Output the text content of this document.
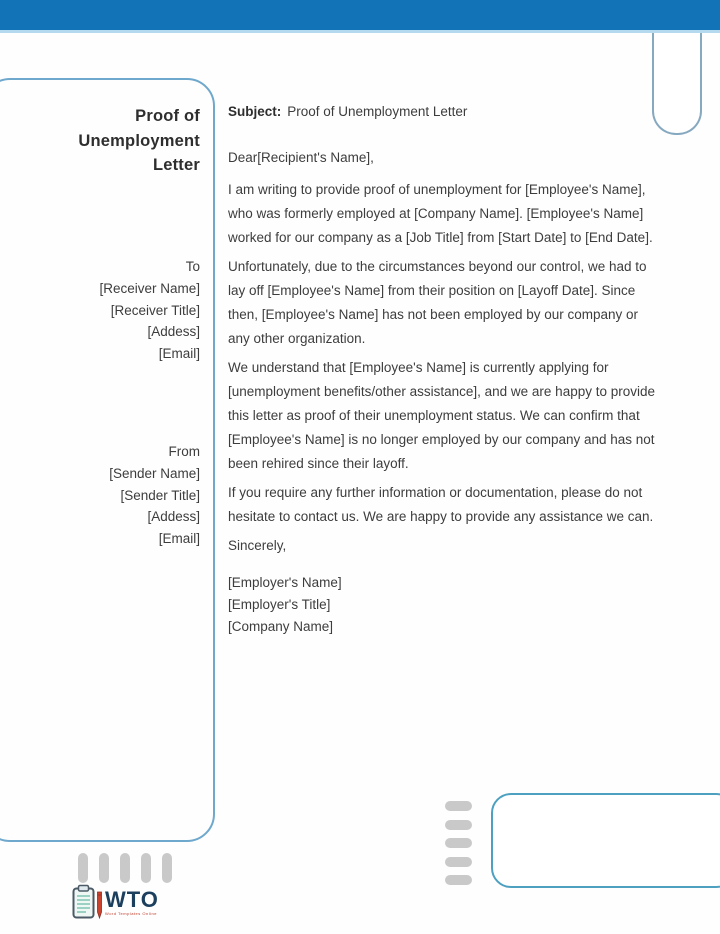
Proof of Unemployment Letter
To
[Receiver Name]
[Receiver Title]
[Addess]
[Email]
From
[Sender Name]
[Sender Title]
[Addess]
[Email]
Subject: Proof of Unemployment Letter
Dear[Recipient's Name],

I am writing to provide proof of unemployment for [Employee's Name], who was formerly employed at [Company Name]. [Employee's Name] worked for our company as a [Job Title] from [Start Date] to [End Date].

Unfortunately, due to the circumstances beyond our control, we had to lay off [Employee's Name] from their position on [Layoff Date]. Since then, [Employee's Name] has not been employed by our company or any other organization.

We understand that [Employee's Name] is currently applying for [unemployment benefits/other assistance], and we are happy to provide this letter as proof of their unemployment status. We can confirm that [Employee's Name] is no longer employed by our company and has not been rehired since their layoff.

If you require any further information or documentation, please do not hesitate to contact us. We are happy to provide any assistance we can.

Sincerely,
[Employer's Name]
[Employer's Title]
[Company Name]
WTO
Word Templates Online
